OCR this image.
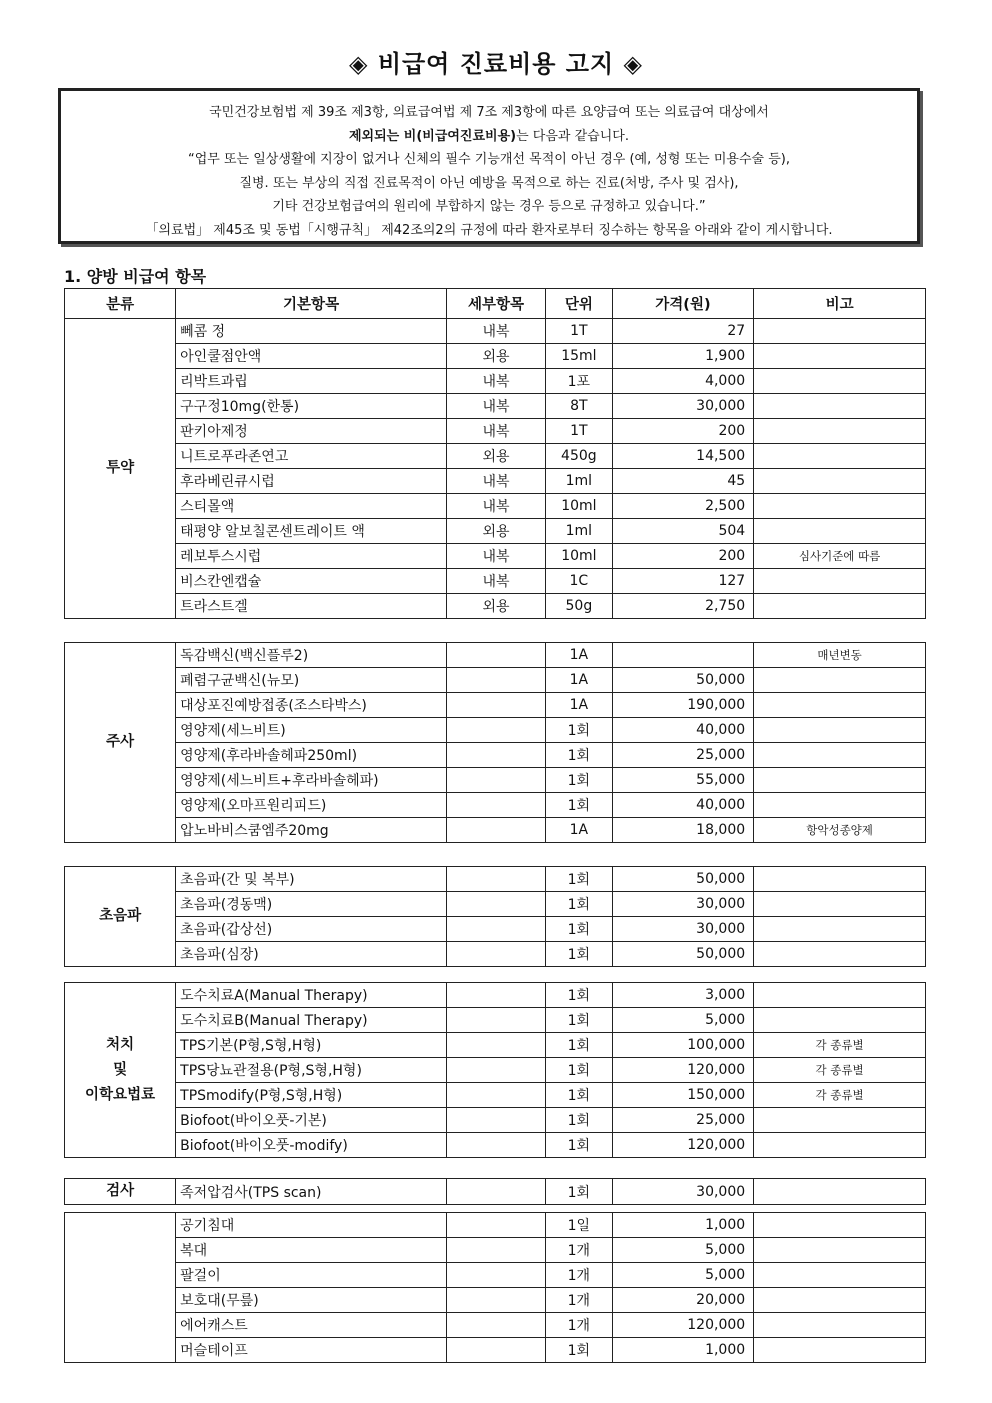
◈ 비급여 진료비용 고지 ◈
국민건강보험법 제 39조 제3항, 의료급여법 제 7조 제3항에 따른 요양급여 또는 의료급여 대상에서
제외되는 비(비급여진료비용)는 다음과 같습니다.
“업무 또는 일상생활에 지장이 없거나 신체의 필수 기능개선 목적이 아닌 경우 (예, 성형 또는 미용수술 등),
질병. 또는 부상의 직접 진료목적이 아닌 예방을 목적으로 하는 진료(처방, 주사 및 검사),
기타 건강보험급여의 원리에 부합하지 않는 경우 등으로 규정하고 있습니다.”
「의료법」 제45조 및 동법「시행규칙」 제42조의2의 규정에 따라 환자로부터 징수하는 항목을 아래와 같이 게시합니다.
1. 양방 비급여 항목
분류	기본항목	세부항목	단위	가격(원)	비고
투약	뻬콤 정	내복	1T	27	
	아인쿨점안액	외용	15ml	1,900	
	리박트과립	내복	1포	4,000	
	구구정10mg(한통)	내복	8T	30,000	
	판키아제정	내복	1T	200	
	니트로푸라존연고	외용	450g	14,500	
	후라베린큐시럽	내복	1ml	45	
	스티몰액	내복	10ml	2,500	
	태평양 알보칠콘센트레이트 액	외용	1ml	504	
	레보투스시럽	내복	10ml	200	심사기준에 따름
	비스칸엔캡슐	내복	1C	127	
	트라스트겔	외용	50g	2,750	
주사	독감백신(백신플루2)		1A		매년변동
	폐렴구균백신(뉴모)		1A	50,000	
	대상포진예방접종(조스타박스)		1A	190,000	
	영양제(세느비트)		1회	40,000	
	영양제(후라바솔헤파250ml)		1회	25,000	
	영양제(세느비트+후라바솔헤파)		1회	55,000	
	영양제(오마프원리피드)		1회	40,000	
	압노바비스쿰엠주20mg		1A	18,000	항악성종양제
초음파	초음파(간 및 복부)		1회	50,000	
	초음파(경동맥)		1회	30,000	
	초음파(갑상선)		1회	30,000	
	초음파(심장)		1회	50,000	
처치
및
이학요법료	도수치료A(Manual Therapy)		1회	3,000	
	도수치료B(Manual Therapy)		1회	5,000	
	TPS기본(P형,S형,H형)		1회	100,000	각 종류별
	TPS당뇨관절용(P형,S형,H형)		1회	120,000	각 종류별
	TPSmodify(P형,S형,H형)		1회	150,000	각 종류별
	Biofoot(바이오풋-기본)		1회	25,000	
	Biofoot(바이오풋-modify)		1회	120,000	
검사	족저압검사(TPS scan)		1회	30,000	
	공기침대		1일	1,000	
	복대		1개	5,000	
	팔걸이		1개	5,000	
	보호대(무릎)		1개	20,000	
	에어캐스트		1개	120,000	
	머슬테이프		1회	1,000	
